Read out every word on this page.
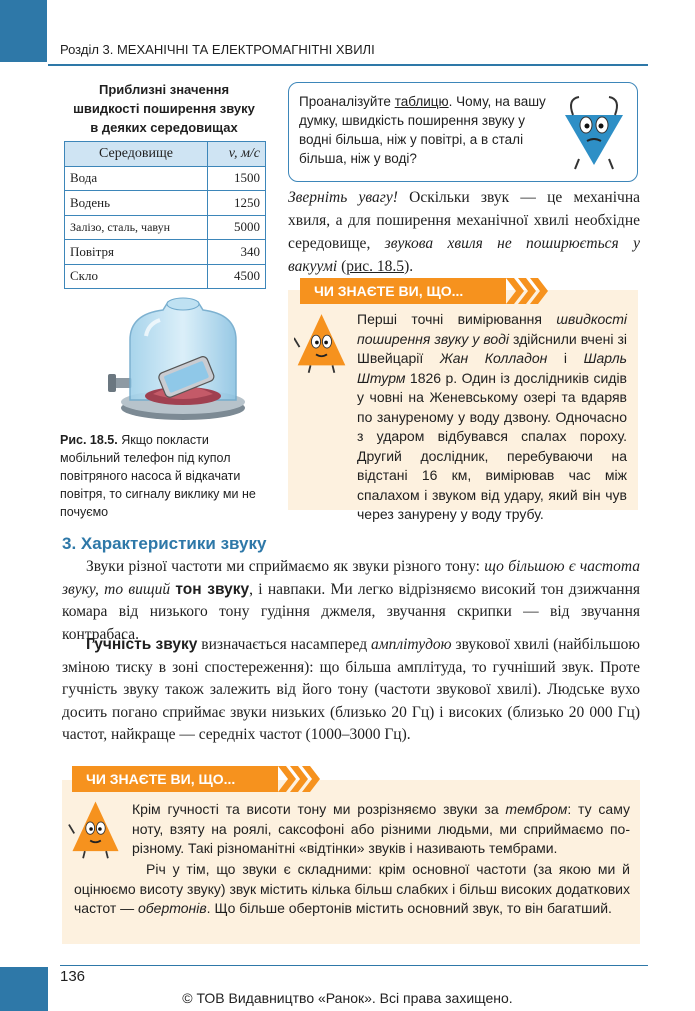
Розділ 3. МЕХАНІЧНІ ТА ЕЛЕКТРОМАГНІТНІ ХВИЛІ
Приблизні значення
швидкості поширення звуку
в деяких середовищах
Середовище	v, м/с
Вода	1500
Водень	1250
Залізо, сталь, чавун	5000
Повітря	340
Скло	4500
Рис. 18.5. Якщо покласти мобільний телефон під купол повітряного насоса й відкачати повітря, то сигналу виклику ми не почуємо
Проаналізуйте таблицю. Чому, на вашу думку, швидкість поширення звуку у водні більша, ніж у повітрі, а в сталі більша, ніж у воді?
Зверніть увагу! Оскільки звук — це механічна хвиля, а для поширення механічної хвилі необхідне середовище, звукова хвиля не поширюється у вакуумі (рис. 18.5).
ЧИ ЗНАЄТЕ ВИ, ЩО...
Перші точні вимірювання швидкості поширення звуку у воді здійснили вчені зі Швейцарії Жан Колладон і Шарль Штурм 1826 р. Один із дослідників сидів у човні на Женевському озері та вдаряв по зануреному у воду дзвону. Одночасно з ударом відбувався спалах пороху. Другий дослідник, перебуваючи на відстані 16 км, вимірював час між спалахом і звуком від удару, який він чув через занурену у воду трубу.
3. Характеристики звуку
Звуки різної частоти ми сприймаємо як звуки різного тону: що більшою є частота звуку, то вищий тон звуку, і навпаки. Ми легко відрізняємо високий тон дзижчання комара від низького тону гудіння джмеля, звучання скрипки — від звучання контрабаса.
Гучність звуку визначається насамперед амплітудою звукової хвилі (найбільшою зміною тиску в зоні спостереження): що більша амплітуда, то гучніший звук. Проте гучність звуку також залежить від його тону (частоти звукової хвилі). Людське вухо досить погано сприймає звуки низьких (близько 20 Гц) і високих (близько 20 000 Гц) частот, найкраще — середніх частот (1000–3000 Гц).
ЧИ ЗНАЄТЕ ВИ, ЩО...
Крім гучності та висоти тону ми розрізняємо звуки за тембром: ту саму ноту, взяту на роялі, саксофоні або різними людьми, ми сприймаємо по-різному. Такі різноманітні «відтінки» звуків і називають тембрами.
Річ у тім, що звуки є складними: крім основної частоти (за якою ми й оцінюємо висоту звуку) звук містить кілька більш слабких і більш високих додаткових частот — обертонів. Що більше обертонів містить основний звук, то він багатший.
136
© ТОВ Видавництво «Ранок». Всі права захищено.
